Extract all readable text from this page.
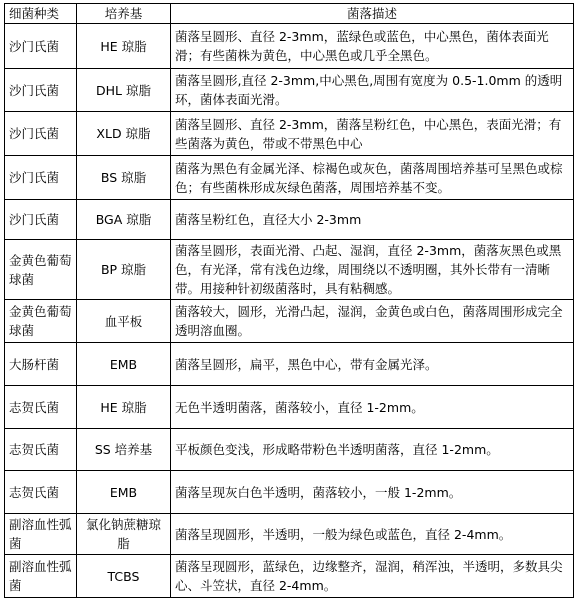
细菌种类	培养基	菌落描述
沙门氏菌	HE 琼脂	菌落呈圆形、直径 2-3mm，蓝绿色或蓝色，中心黑色，菌体表面光滑；有些菌株为黄色，中心黑色或几乎全黑色。
沙门氏菌	DHL 琼脂	菌落呈圆形,直径 2-3mm,中心黑色,周围有宽度为 0.5-1.0mm 的透明环，菌体表面光滑。
沙门氏菌	XLD 琼脂	菌落呈圆形、直径 2-3mm，菌落呈粉红色，中心黑色，表面光滑；有些菌落为黄色，带或不带黑色中心
沙门氏菌	BS 琼脂	菌落为黑色有金属光泽、棕褐色或灰色，菌落周围培养基可呈黑色或棕色；有些菌株形成灰绿色菌落，周围培养基不变。
沙门氏菌	BGA 琼脂	菌落呈粉红色，直径大小 2-3mm
金黄色葡萄球菌	BP 琼脂	菌落呈圆形，表面光滑、凸起、湿润，直径 2-3mm，菌落灰黑色或黑色，有光泽，常有浅色边缘，周围绕以不透明圈，其外长带有一清晰带。用接种针初级菌落时，具有粘稠感。
金黄色葡萄球菌	血平板	菌落较大，圆形，光滑凸起，湿润，金黄色或白色，菌落周围形成完全透明溶血圈。
大肠杆菌	EMB	菌落呈圆形，扁平，黑色中心，带有金属光泽。
志贺氏菌	HE 琼脂	无色半透明菌落，菌落较小，直径 1-2mm。
志贺氏菌	SS 培养基	平板颜色变浅，形成略带粉色半透明菌落，直径 1-2mm。
志贺氏菌	EMB	菌落呈现灰白色半透明，菌落较小，一般 1-2mm。
副溶血性弧菌	氯化钠蔗糖琼脂	菌落呈现圆形，半透明，一般为绿色或蓝色，直径 2-4mm。
副溶血性弧菌	TCBS	菌落呈现圆形，蓝绿色，边缘整齐，湿润，稍浑浊，半透明，多数具尖心、斗笠状，直径 2-4mm。
